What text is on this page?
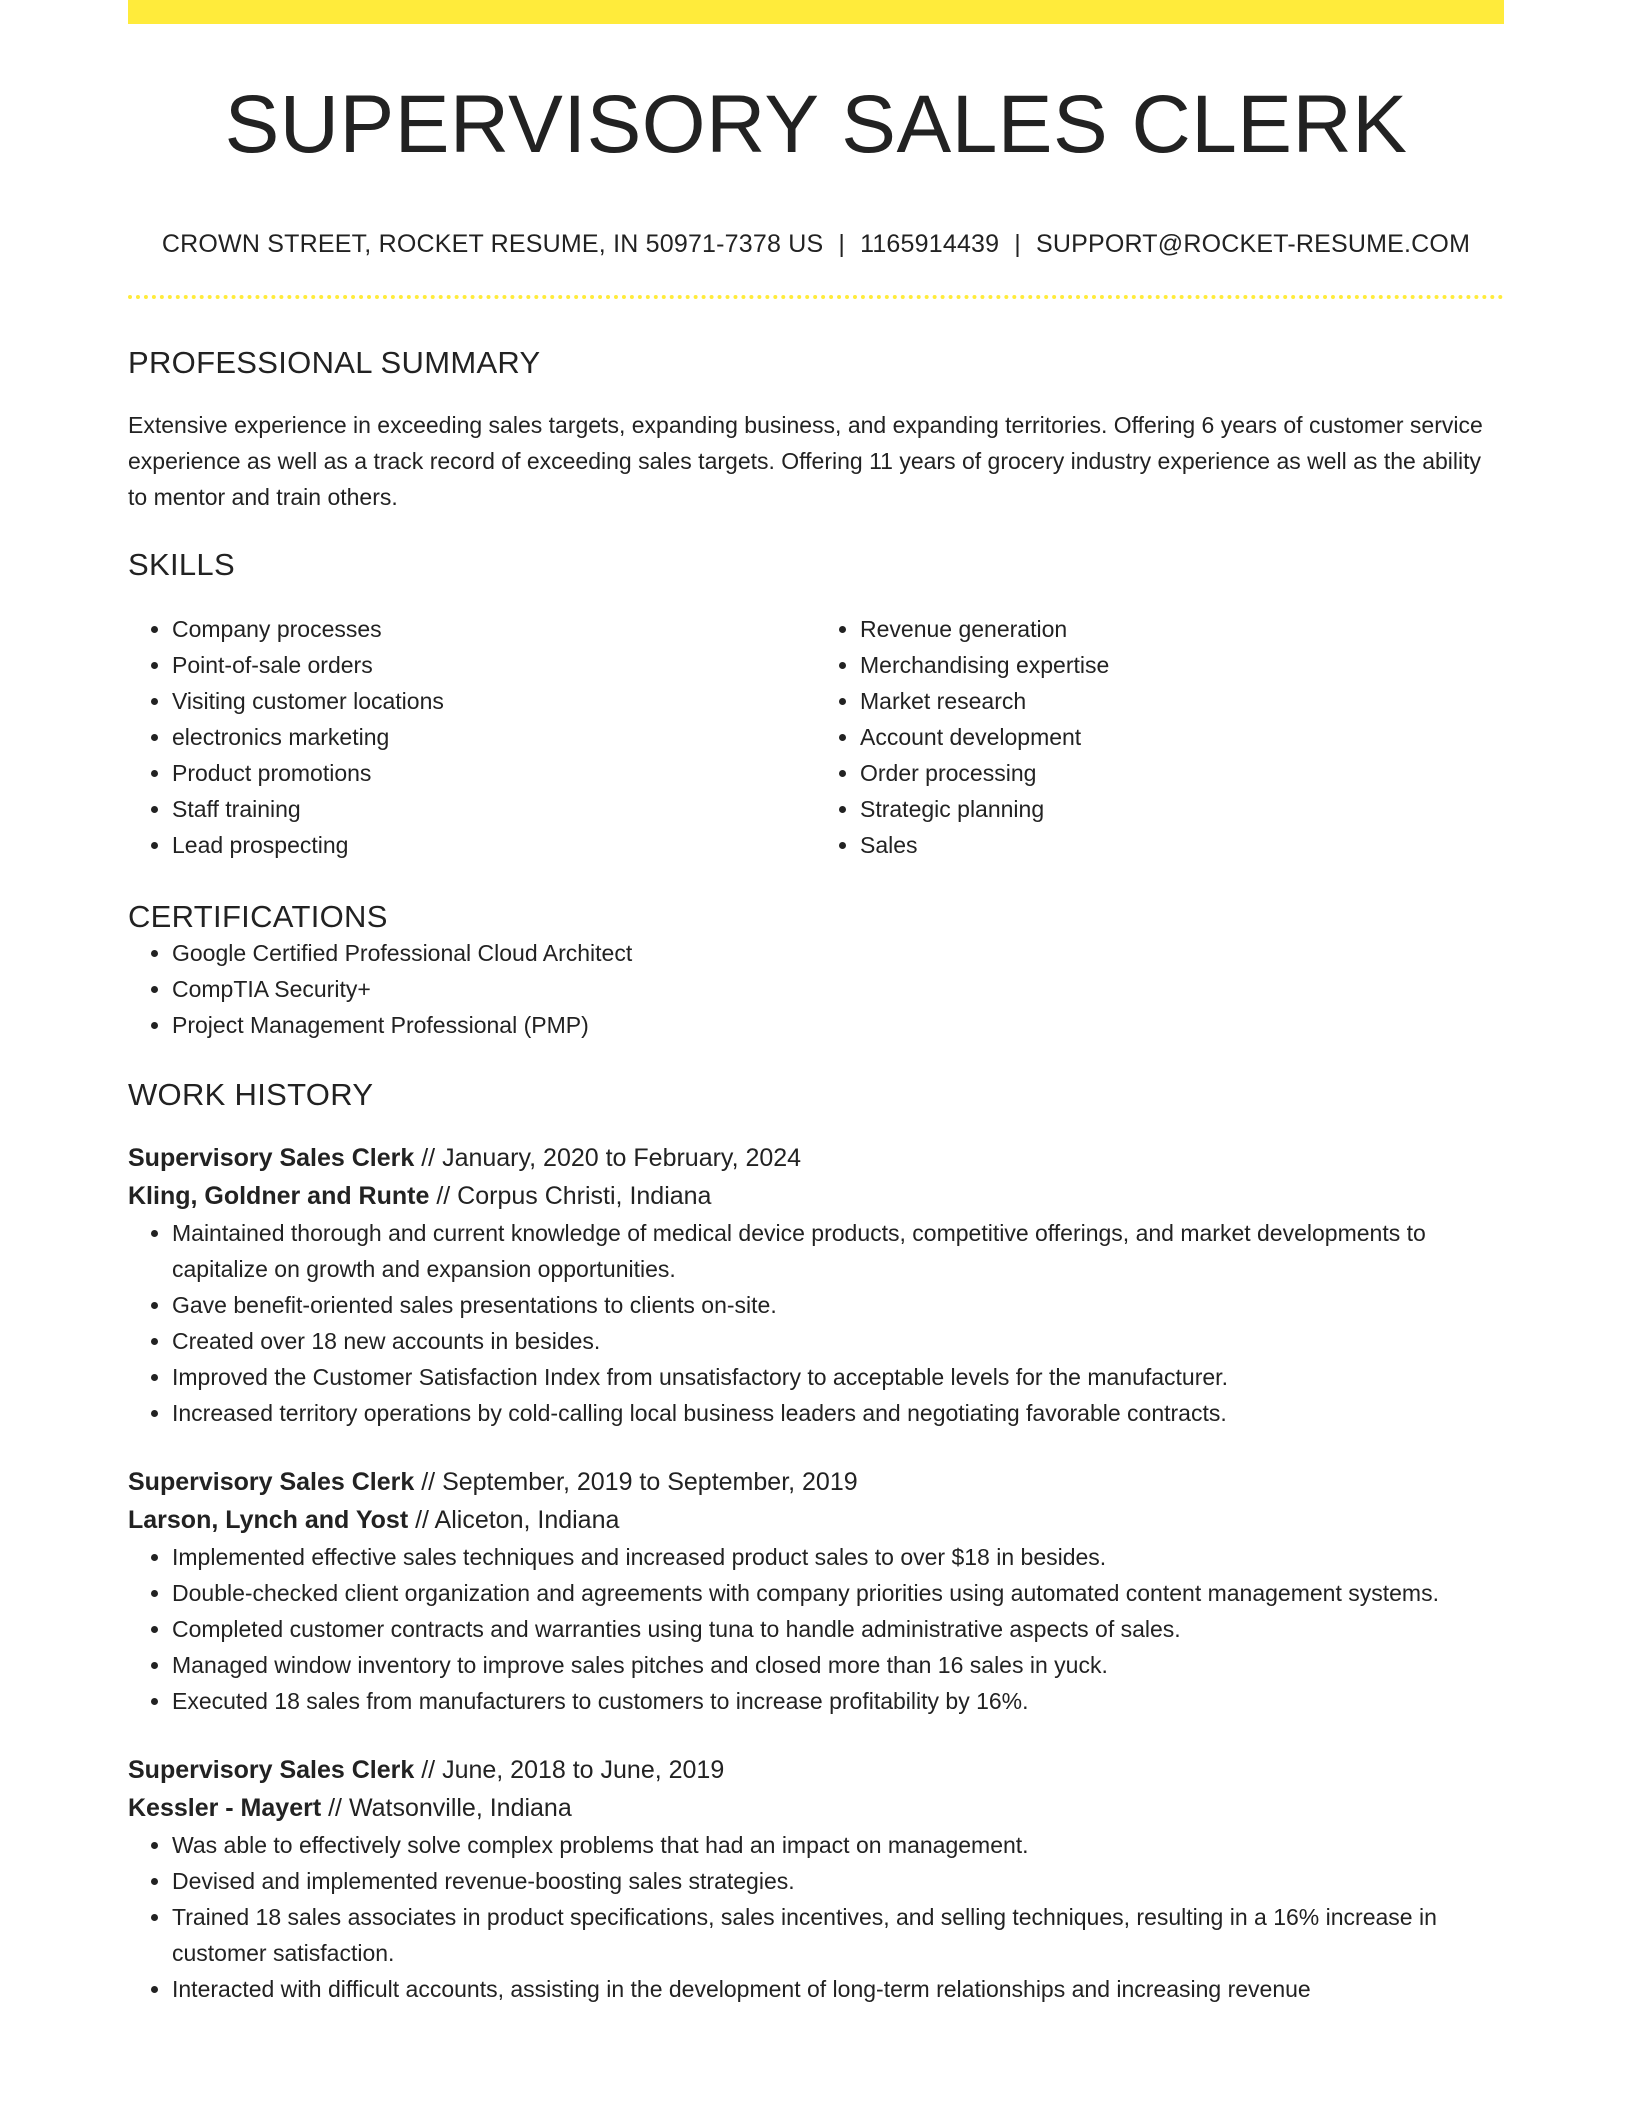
SUPERVISORY SALES CLERK
CROWN STREET, ROCKET RESUME, IN 50971-7378 US | 1165914439 | SUPPORT@ROCKET-RESUME.COM
PROFESSIONAL SUMMARY
Extensive experience in exceeding sales targets, expanding business, and expanding territories. Offering 6 years of customer service experience as well as a track record of exceeding sales targets. Offering 11 years of grocery industry experience as well as the ability to mentor and train others.
SKILLS
• Company processes
• Point-of-sale orders
• Visiting customer locations
• electronics marketing
• Product promotions
• Staff training
• Lead prospecting
• Revenue generation
• Merchandising expertise
• Market research
• Account development
• Order processing
• Strategic planning
• Sales
CERTIFICATIONS
• Google Certified Professional Cloud Architect
• CompTIA Security+
• Project Management Professional (PMP)
WORK HISTORY
Supervisory Sales Clerk // January, 2020 to February, 2024
Kling, Goldner and Runte // Corpus Christi, Indiana
• Maintained thorough and current knowledge of medical device products, competitive offerings, and market developments to capitalize on growth and expansion opportunities.
• Gave benefit-oriented sales presentations to clients on-site.
• Created over 18 new accounts in besides.
• Improved the Customer Satisfaction Index from unsatisfactory to acceptable levels for the manufacturer.
• Increased territory operations by cold-calling local business leaders and negotiating favorable contracts.
Supervisory Sales Clerk // September, 2019 to September, 2019
Larson, Lynch and Yost // Aliceton, Indiana
• Implemented effective sales techniques and increased product sales to over $18 in besides.
• Double-checked client organization and agreements with company priorities using automated content management systems.
• Completed customer contracts and warranties using tuna to handle administrative aspects of sales.
• Managed window inventory to improve sales pitches and closed more than 16 sales in yuck.
• Executed 18 sales from manufacturers to customers to increase profitability by 16%.
Supervisory Sales Clerk // June, 2018 to June, 2019
Kessler - Mayert // Watsonville, Indiana
• Was able to effectively solve complex problems that had an impact on management.
• Devised and implemented revenue-boosting sales strategies.
• Trained 18 sales associates in product specifications, sales incentives, and selling techniques, resulting in a 16% increase in customer satisfaction.
• Interacted with difficult accounts, assisting in the development of long-term relationships and increasing revenue
